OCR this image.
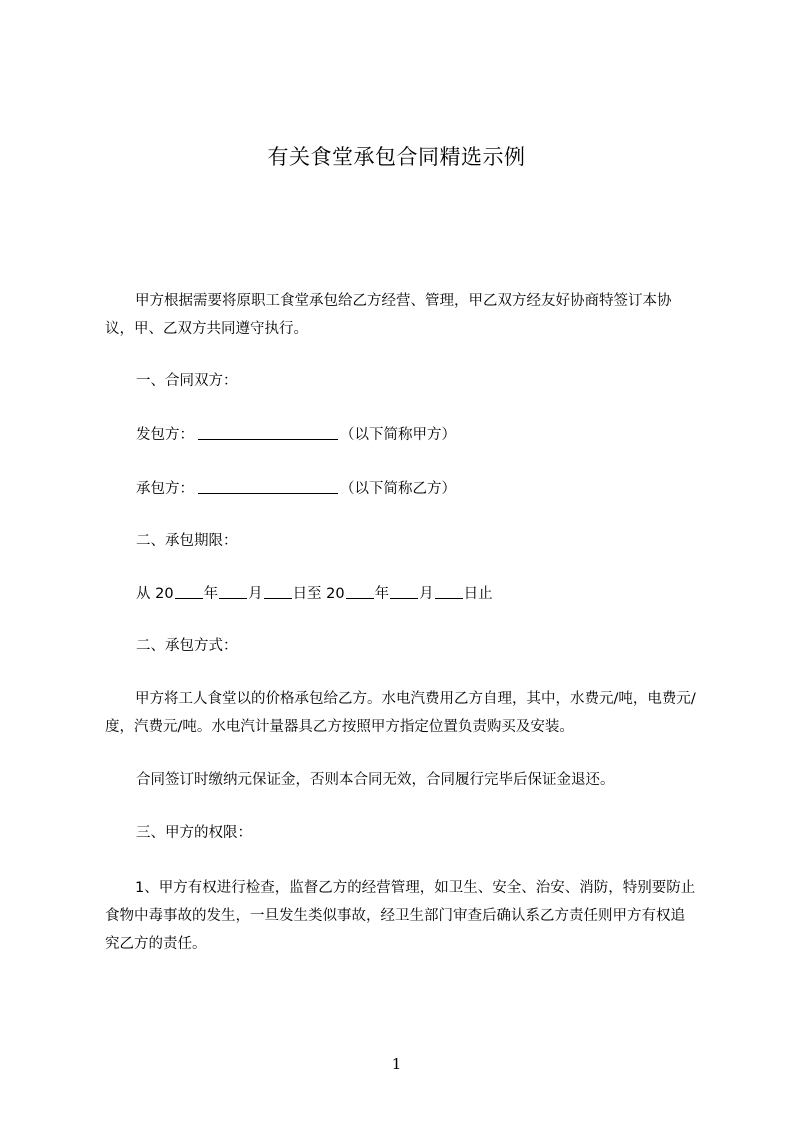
有关食堂承包合同精选示例

甲方根据需要将原职工食堂承包给乙方经营、管理，甲乙双方经友好协商特签订本协议，甲、乙双方共同遵守执行。

一、合同双方：

发包方：	（以下简称甲方）

承包方：	（以下简称乙方）

二、承包期限：

从 20 年 月 日至 20 年 月 日止

二、承包方式：

甲方将工人食堂以的价格承包给乙方。水电汽费用乙方自理，其中，水费元/吨，电费元/度，汽费元/吨。水电汽计量器具乙方按照甲方指定位置负责购买及安装。

合同签订时缴纳元保证金，否则本合同无效，合同履行完毕后保证金退还。

三、甲方的权限：

1、甲方有权进行检查，监督乙方的经营管理，如卫生、安全、治安、消防，特别要防止食物中毒事故的发生，一旦发生类似事故，经卫生部门审查后确认系乙方责任则甲方有权追究乙方的责任。

1
